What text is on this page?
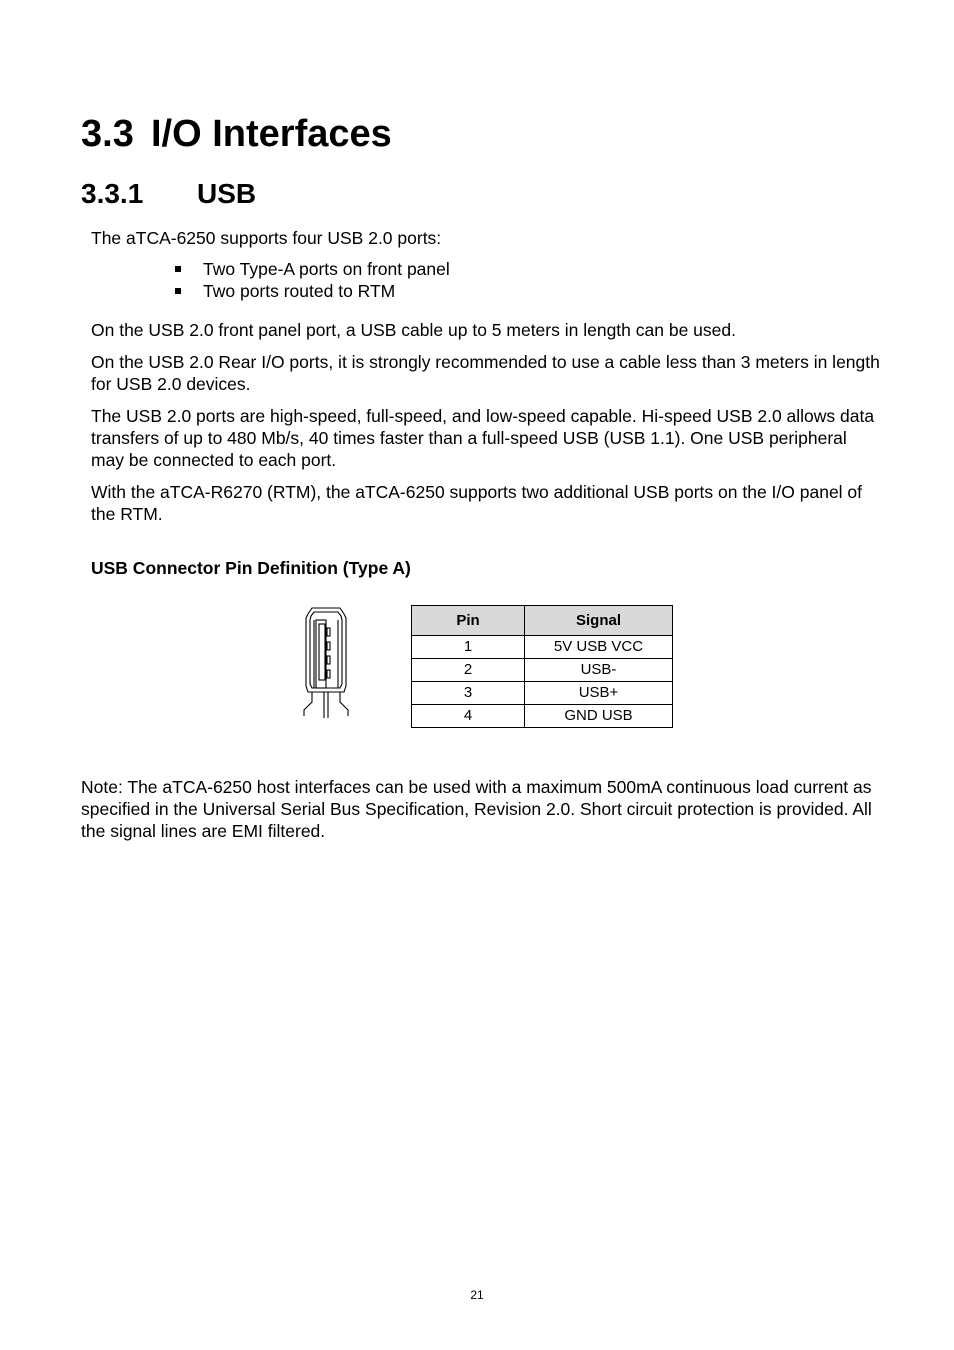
3.3 I/O Interfaces
3.3.1 USB

The aTCA-6250 supports four USB 2.0 ports:

Two Type-A ports on front panel
Two ports routed to RTM

On the USB 2.0 front panel port, a USB cable up to 5 meters in length can be used.

On the USB 2.0 Rear I/O ports, it is strongly recommended to use a cable less than 3 meters in length for USB 2.0 devices.

The USB 2.0 ports are high-speed, full-speed, and low-speed capable. Hi-speed USB 2.0 allows data transfers of up to 480 Mb/s, 40 times faster than a full-speed USB (USB 1.1). One USB peripheral may be connected to each port.

With the aTCA-R6270 (RTM), the aTCA-6250 supports two additional USB ports on the I/O panel of the RTM.

USB Connector Pin Definition (Type A)

Pin	Signal
1	5V USB VCC
2	USB-
3	USB+
4	GND USB

Note: The aTCA-6250 host interfaces can be used with a maximum 500mA continuous load current as specified in the Universal Serial Bus Specification, Revision 2.0. Short circuit protection is provided. All the signal lines are EMI filtered.

21
